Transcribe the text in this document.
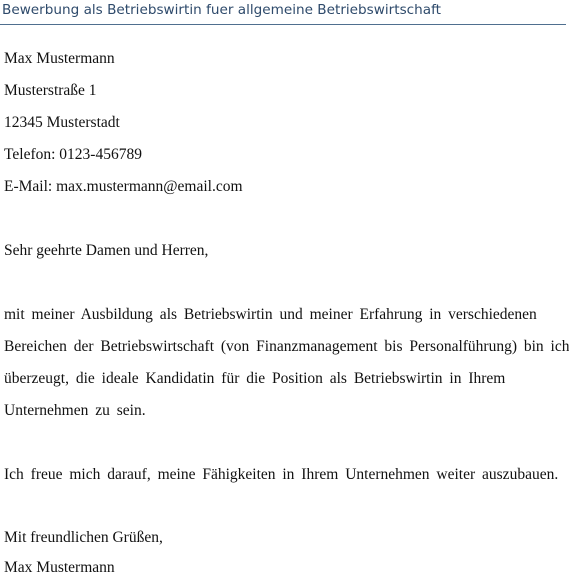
Bewerbung als Betriebswirtin fuer allgemeine Betriebswirtschaft
Max Mustermann
Musterstraße 1
12345 Musterstadt
Telefon: 0123-456789
E-Mail: max.mustermann@email.com
Sehr geehrte Damen und Herren,
mit meiner Ausbildung als Betriebswirtin und meiner Erfahrung in verschiedenen
Bereichen der Betriebswirtschaft (von Finanzmanagement bis Personalführung) bin ich
überzeugt, die ideale Kandidatin für die Position als Betriebswirtin in Ihrem
Unternehmen zu sein.
Ich freue mich darauf, meine Fähigkeiten in Ihrem Unternehmen weiter auszubauen.
Mit freundlichen Grüßen,
Max Mustermann
